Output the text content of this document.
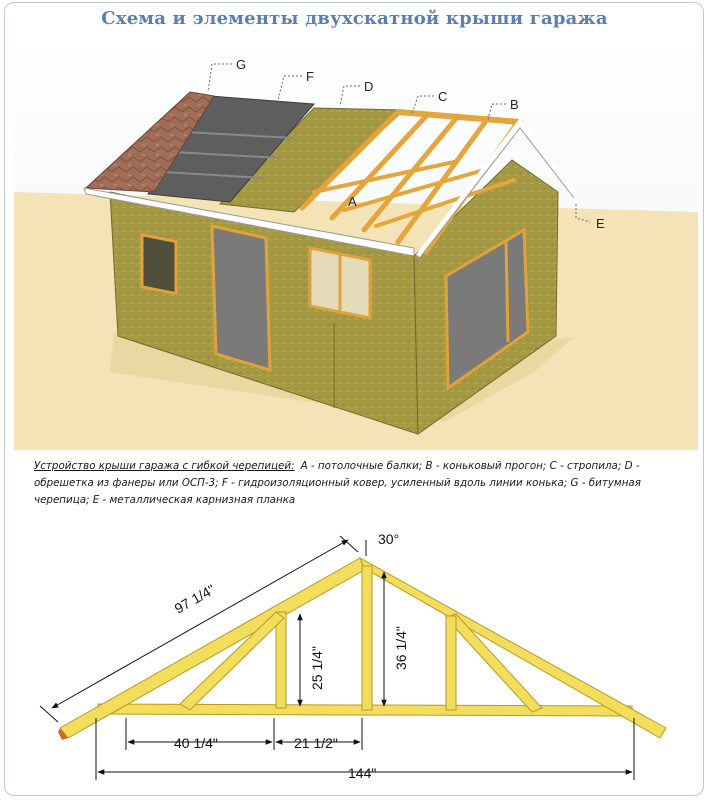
Схема и элементы двухскатной крыши гаража
G
F
D
C
B
A
E
Устройство крыши гаража с гибкой черепицей: A - потолочные балки; B - коньковый прогон; C - стропила; D - обрешетка из фанеры или ОСП-3; F - гидроизоляционный ковер, усиленный вдоль линии конька; G - битумная черепица; E - металлическая карнизная планка
97 1/4"
30°
25 1/4"	36 1/4"
40 1/4"	21 1/2"
144"
